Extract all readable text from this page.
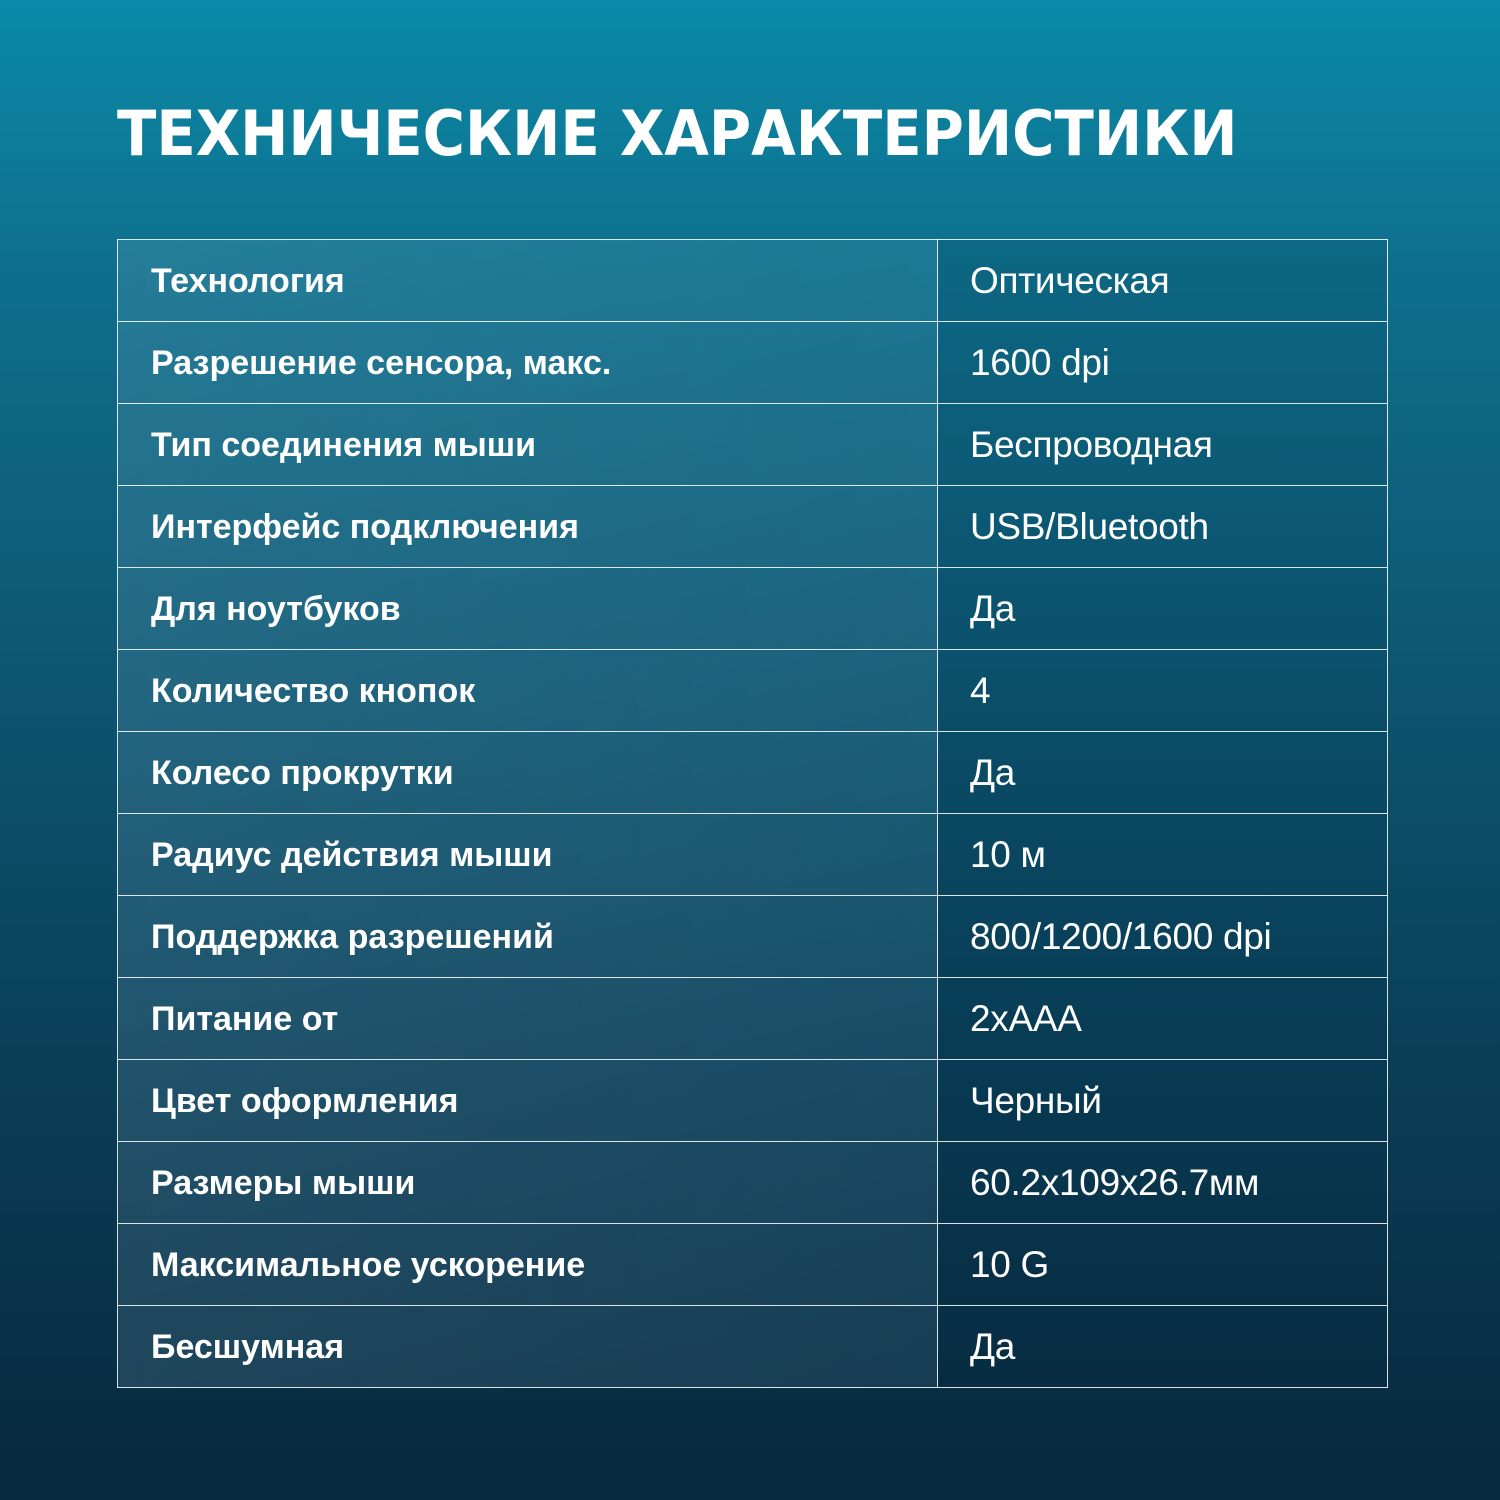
ТЕХНИЧЕСКИЕ ХАРАКТЕРИСТИКИ
Технология	Оптическая

Разрешение сенсора, макс.	1600 dpi

Тип соединения мыши	Беспроводная

Интерфейс подключения	USB/Bluetooth

Для ноутбуков	Да

Количество кнопок	4

Колесо прокрутки	Да

Радиус действия мыши	10 м

Поддержка разрешений	800/1200/1600 dpi

Питание от	2xAAA

Цвет оформления	Черный

Размеры мыши	60.2x109x26.7мм

Максимальное ускорение	10 G

Бесшумная	Да
